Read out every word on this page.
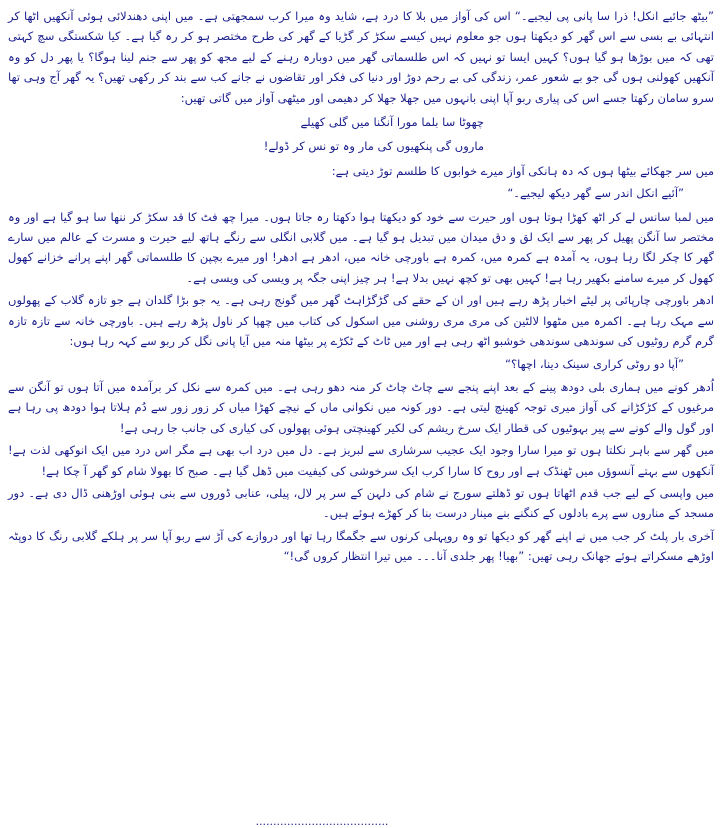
”بیٹھ جائیے انکل! ذرا سا پانی پی لیجیے۔“ اس کی آواز میں بلا کا درد ہے، شاید وہ میرا کرب سمجھتی ہے۔ میں اپنی دھندلائی ہوئی آنکھیں اٹھا کر انتہائی بے بسی سے اس گھر کو دیکھتا ہوں جو معلوم نہیں کیسے سکڑ کر گڑیا کے گھر کی طرح مختصر ہو کر رہ گیا ہے۔ کیا شکستگی سچ کہتی تھی کہ میں بوڑھا ہو گیا ہوں؟ کہیں ایسا تو نہیں کہ اس طلسماتی گھر میں دوبارہ رہنے کے لیے مجھ کو پھر سے جنم لینا ہوگا؟ یا پھر دل کو وہ آنکھیں کھولنی ہوں گی جو بے شعور عمر، زندگی کی بے رحم دوڑ اور دنیا کی فکر اور تقاضوں نے جانے کب سے بند کر رکھی تھیں؟ یہ گھر آج وہی تھا سرو سامان رکھتا جسے اس کی پیاری ربو آپا اپنی بانہوں میں جھلا جھلا کر دھیمی اور میٹھی آواز میں گاتی تھیں:

چھوٹا سا بلما مورا آنگنا میں گلی کھیلے

ماروں گی پنکھیوں کی مار وہ تو نس کر ڈولے!

میں سر جھکائے بیٹھا ہوں کہ دہ ہانکی آواز میرے خوابوں کا طلسم توڑ دیتی ہے:

”آئیے انکل اندر سے گھر دیکھ لیجیے۔“

میں لمبا سانس لے کر اٹھ کھڑا ہوتا ہوں اور حیرت سے خود کو دیکھتا ہوا دکھتا رہ جاتا ہوں۔ میرا چھ فٹ کا قد سکڑ کر ننھا سا ہو گیا ہے اور وہ مختصر سا آنگن پھیل کر پھر سے ایک لق و دق میدان میں تبدیل ہو گیا ہے۔ میں گلابی انگلی سے رنگے ہاتھ لیے حیرت و مسرت کے عالم میں سارے گھر کا چکر لگا رہا ہوں، یہ آمدہ ہے کمرہ میں، کمرہ ہے باورچی خانہ میں، ادھر ہے ادھر! اور میرے بچپن کا طلسماتی گھر اپنے پرانے خزانے کھول کھول کر میرے سامنے بکھیر رہا ہے! کہیں بھی تو کچھ نہیں بدلا ہے! ہر چیز اپنی جگہ پر ویسی کی ویسی ہے۔

ادھر باورچی چارپائی پر لیٹے اخبار پڑھ رہے ہیں اور ان کے حقے کی گڑگڑاہٹ گھر میں گونج رہی ہے۔ یہ جو بڑا گلدان ہے جو تازہ گلاب کے پھولوں سے مہک رہا ہے۔ اکمرہ میں مٹھوا لالٹین کی مری مری روشنی میں اسکول کی کتاب میں چھپا کر ناول پڑھ رہے ہیں۔ باورچی خانہ سے تازہ تازہ گرم گرم روٹیوں کی سوندھی سوندھی خوشبو اٹھ رہی ہے اور میں ٹاٹ کے ٹکڑے پر بیٹھا منہ میں آیا پانی نگل کر ربو سے کہہ رہا ہوں:

”آپا دو روٹی کراری سینک دینا، اچھا؟“

اُدھر کونے میں ہماری بلی دودھ پینے کے بعد اپنے پنجے سے چاٹ چاٹ کر منہ دھو رہی ہے۔ میں کمرہ سے نکل کر برآمدہ میں آتا ہوں تو آنگن سے مرغیوں کے کڑکڑانے کی آواز میری توجہ کھینچ لیتی ہے۔ دور کونہ میں نکوانی ماں کے نیچے کھڑا میاں کر زور زور سے دُم ہلاتا ہوا دودھ پی رہا ہے اور گول والے کونے سے پیر بہوٹیوں کی قطار ایک سرخ ریشم کی لکیر کھینچتی ہوئی پھولوں کی کیاری کی جانب جا رہی ہے!

میں گھر سے باہر نکلتا ہوں تو میرا سارا وجود ایک عجیب سرشاری سے لبریز ہے۔ دل میں درد اب بھی ہے مگر اس درد میں ایک انوکھی لذت ہے! آنکھوں سے بہتے آنسوؤں میں ٹھنڈک ہے اور روح کا سارا کرب ایک سرخوشی کی کیفیت میں ڈھل گیا ہے۔ صبح کا بھولا شام کو گھر آ چکا ہے!

میں واپسی کے لیے جب قدم اٹھاتا ہوں تو ڈھلتے سورج نے شام کی دلہن کے سر پر لال، پیلی، عنابی ڈوروں سے بنی ہوئی اوڑھنی ڈال دی ہے۔ دور مسجد کے مناروں سے پرے بادلوں کے کنگنے بنے مینار درست بنا کر کھڑے ہوئے ہیں۔

آخری بار پلٹ کر جب میں نے اپنے گھر کو دیکھا تو وہ روپہلی کرنوں سے جگمگا رہا تھا اور دروازے کی آڑ سے ربو آپا سر پر ہلکے گلابی رنگ کا دوپٹہ اوڑھے مسکراتے ہوئے جھانک رہی تھیں: ”بھیا! پھر جلدی آنا۔۔۔ میں تیرا انتظار کروں گی!“

......................................
